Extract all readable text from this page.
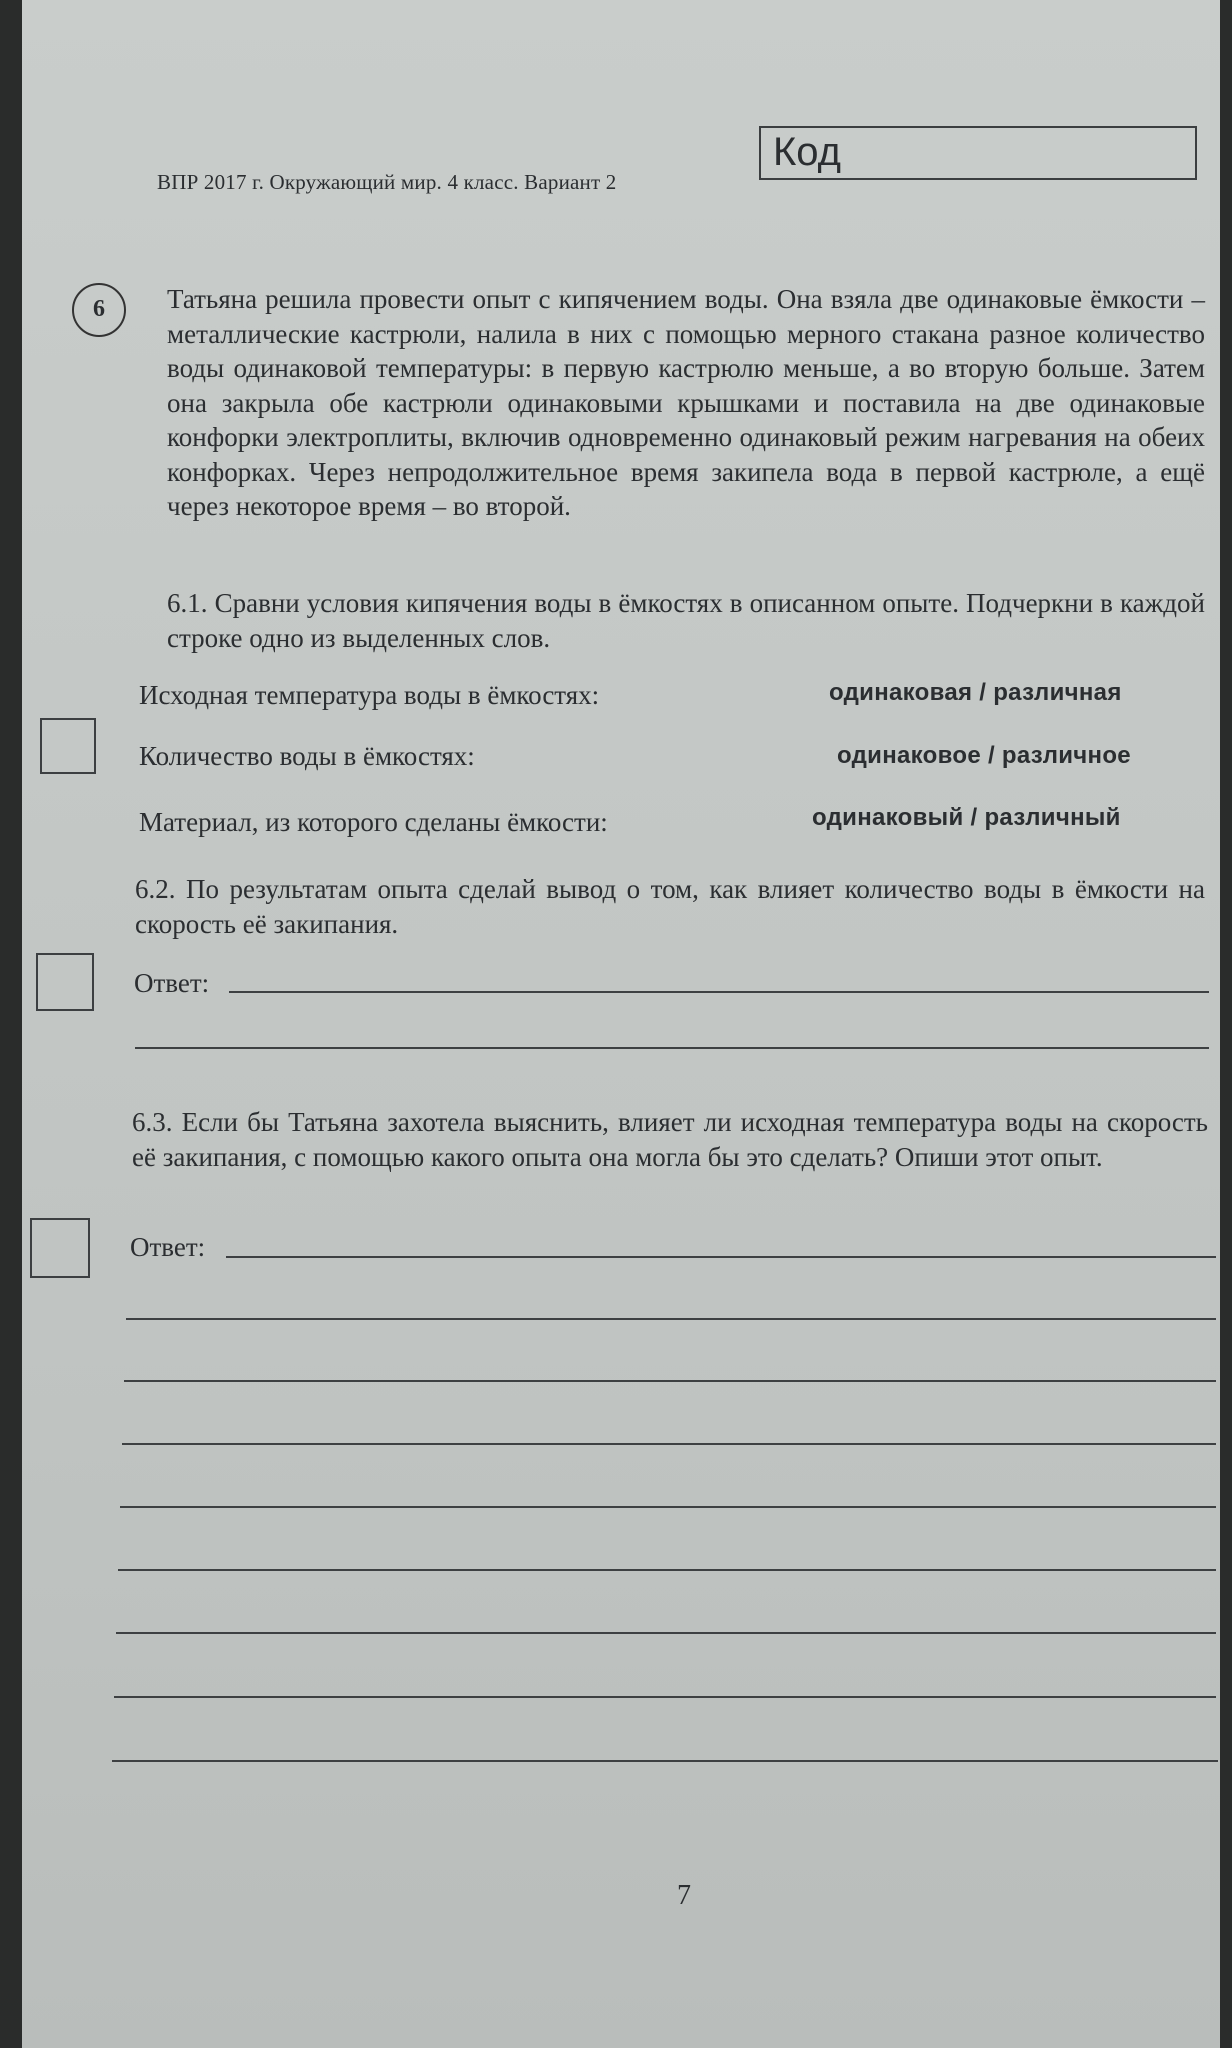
ВПР 2017 г. Окружающий мир. 4 класс. Вариант 2
Код
6	Татьяна решила провести опыт с кипячением воды. Она взяла две одинаковые ёмкости – металлические кастрюли, налила в них с помощью мерного стакана разное количество воды одинаковой температуры: в первую кастрюлю меньше, а во вторую больше. Затем она закрыла обе кастрюли одинаковыми крышками и поставила на две одинаковые конфорки электроплиты, включив одновременно одинаковый режим нагревания на обеих конфорках. Через непродолжительное время закипела вода в первой кастрюле, а ещё через некоторое время – во второй.
6.1. Сравни условия кипячения воды в ёмкостях в описанном опыте. Подчеркни в каждой строке одно из выделенных слов.
Исходная температура воды в ёмкостях:	одинаковая / различная
Количество воды в ёмкостях:	одинаковое / различное
Материал, из которого сделаны ёмкости:	одинаковый / различный
6.2. По результатам опыта сделай вывод о том, как влияет количество воды в ёмкости на скорость её закипания.
Ответ:
6.3. Если бы Татьяна захотела выяснить, влияет ли исходная температура воды на скорость её закипания, с помощью какого опыта она могла бы это сделать? Опиши этот опыт.
Ответ:
7
